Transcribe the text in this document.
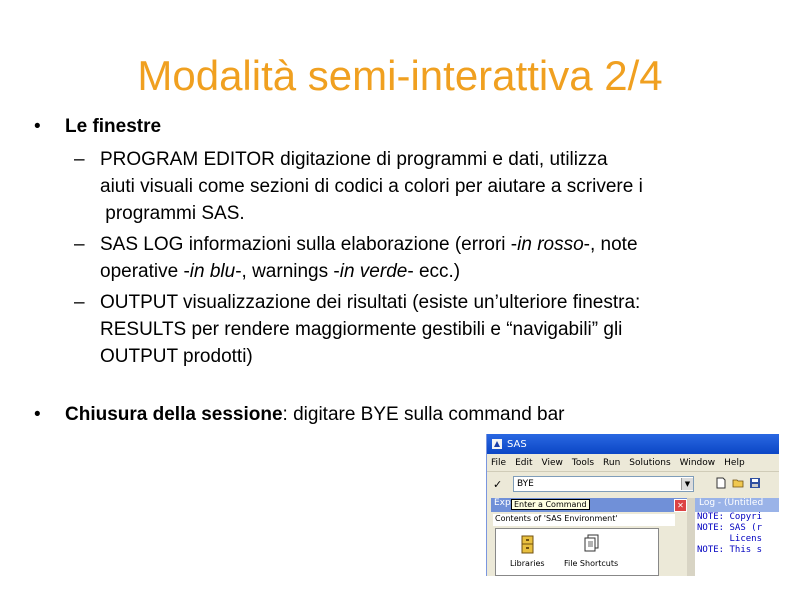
Modalità semi-interattiva 2/4
• Le finestre
– PROGRAM EDITOR digitazione di programmi e dati, utilizza
aiuti visuali come sezioni di codici a colori per aiutare a scrivere i
programmi SAS.
– SAS LOG informazioni sulla elaborazione (errori -in rosso-, note
operative -in blu-, warnings -in verde- ecc.)
– OUTPUT visualizzazione dei risultati (esiste un’ulteriore finestra:
RESULTS per rendere maggiormente gestibili e “navigabili” gli
OUTPUT prodotti)
• Chiusura della sessione: digitare BYE sulla command bar
SAS
File Edit View Tools Run Solutions Window Help
✓	BYE	▼
Exp Enter a Command	✕
Contents of 'SAS Environment'
Libraries File Shortcuts
Log - (Untitled
NOTE: Copyri
NOTE: SAS (r
Licens
NOTE: This s
